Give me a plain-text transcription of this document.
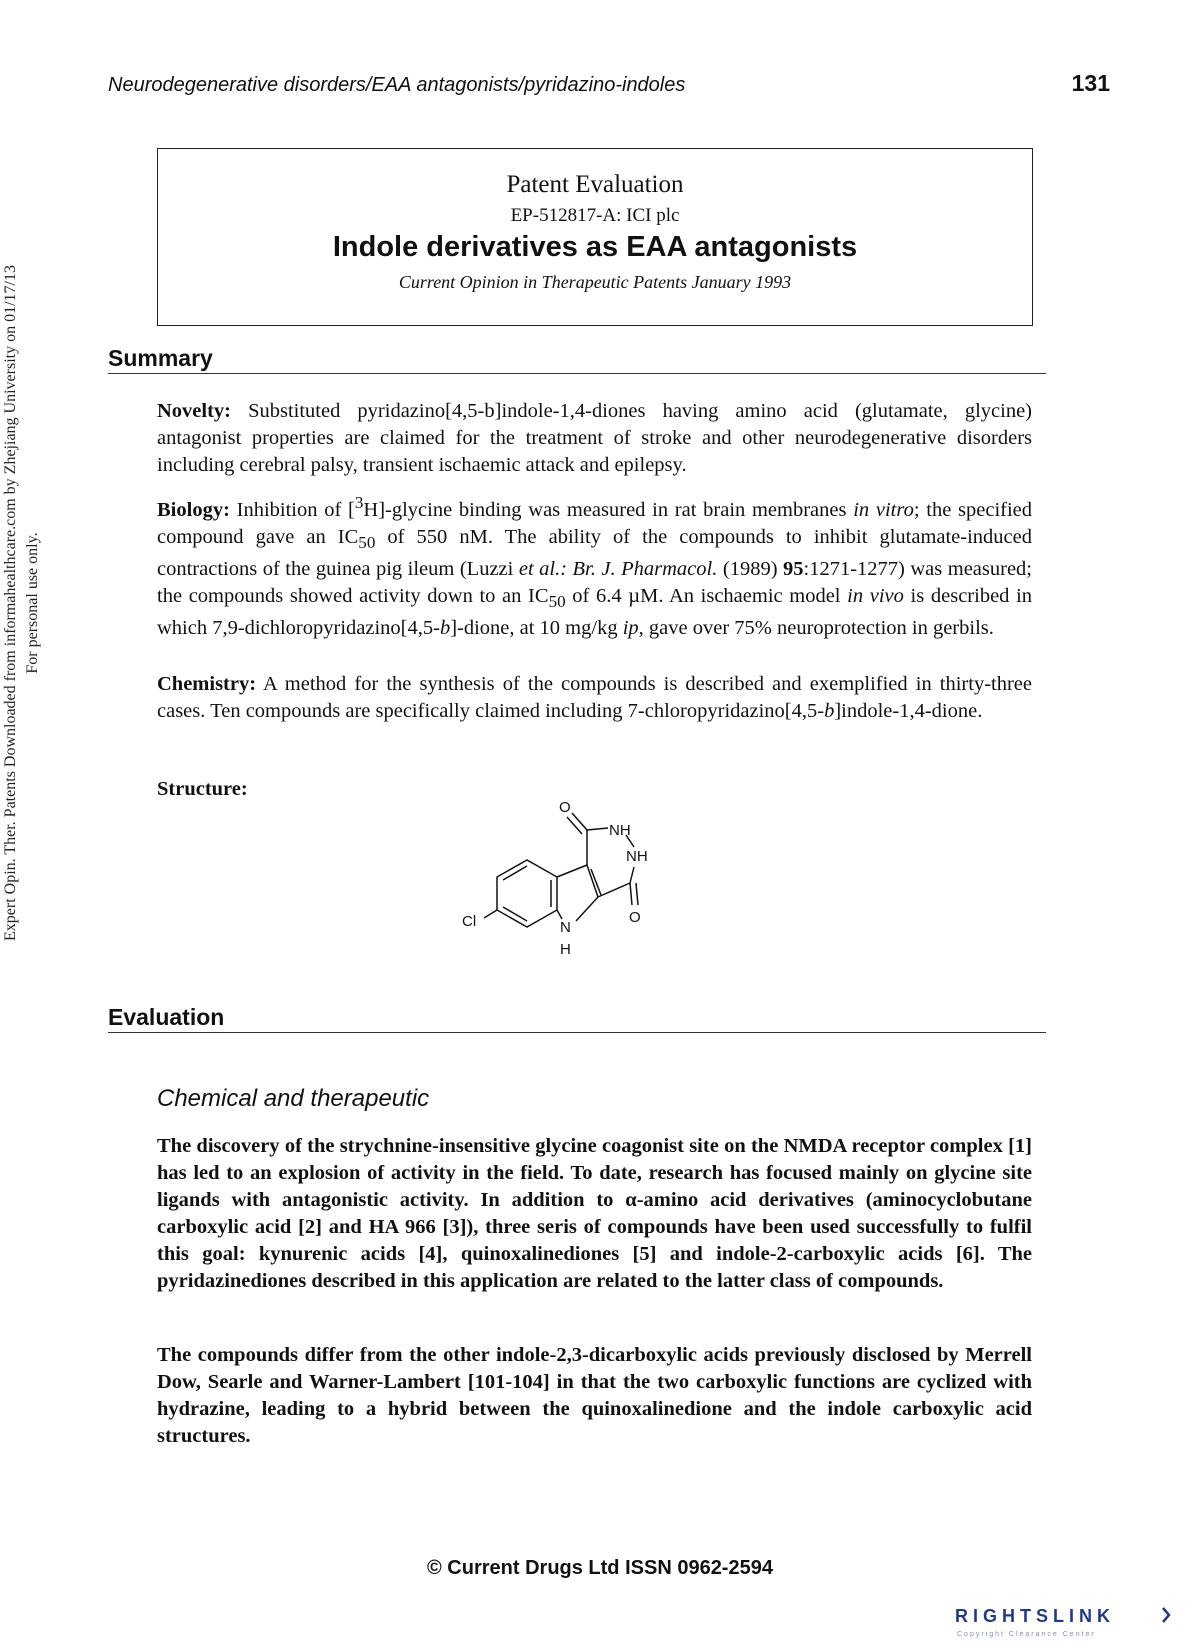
Neurodegenerative disorders/EAA antagonists/pyridazino-indoles	131
Expert Opin. Ther. Patents Downloaded from informahealthcare.com by Zhejiang University on 01/17/13 For personal use only.
Patent Evaluation
EP-512817-A: ICI plc
Indole derivatives as EAA antagonists
Current Opinion in Therapeutic Patents January 1993
Summary

Novelty: Substituted pyridazino[4,5-b]indole-1,4-diones having amino acid (glutamate, glycine) antagonist properties are claimed for the treatment of stroke and other neurodegenerative disorders including cerebral palsy, transient ischaemic attack and epilepsy.

Biology: Inhibition of [$^3$H]-glycine binding was measured in rat brain membranes in vitro; the specified compound gave an $IC_{50}$ of 550 nM. The ability of the compounds to inhibit glutamate-induced contractions of the guinea pig ileum (Luzzi et al.: Br. J. Pharmacol. (1989) 95:1271-1277) was measured; the compounds showed activity down to an $IC_{50}$ of 6.4 µM. An ischaemic model in vivo is described in which 7,9-dichloropyridazino[4,5-b]-dione, at 10 mg/kg ip, gave over 75% neuroprotection in gerbils.

Chemistry: A method for the synthesis of the compounds is described and exemplified in thirty-three cases. Ten compounds are specifically claimed including 7-chloropyridazino[4,5-b]indole-1,4-dione.

Structure:
O
NH
NH
Cl	N
H
O
Evaluation
Chemical and therapeutic

The discovery of the strychnine-insensitive glycine coagonist site on the NMDA receptor complex [1] has led to an explosion of activity in the field. To date, research has focused mainly on glycine site ligands with antagonistic activity. In addition to α-amino acid derivatives (aminocyclobutane carboxylic acid [2] and HA 966 [3]), three seris of compounds have been used successfully to fulfil this goal: kynurenic acids [4], quinoxalinediones [5] and indole-2-carboxylic acids [6]. The pyridazinediones described in this application are related to the latter class of compounds.

The compounds differ from the other indole-2,3-dicarboxylic acids previously disclosed by Merrell Dow, Searle and Warner-Lambert [101-104] in that the two carboxylic functions are cyclized with hydrazine, leading to a hybrid between the quinoxalinedione and the indole carboxylic acid structures.

© Current Drugs Ltd ISSN 0962-2594
RIGHTSLINK
Copyright Clearance Center
